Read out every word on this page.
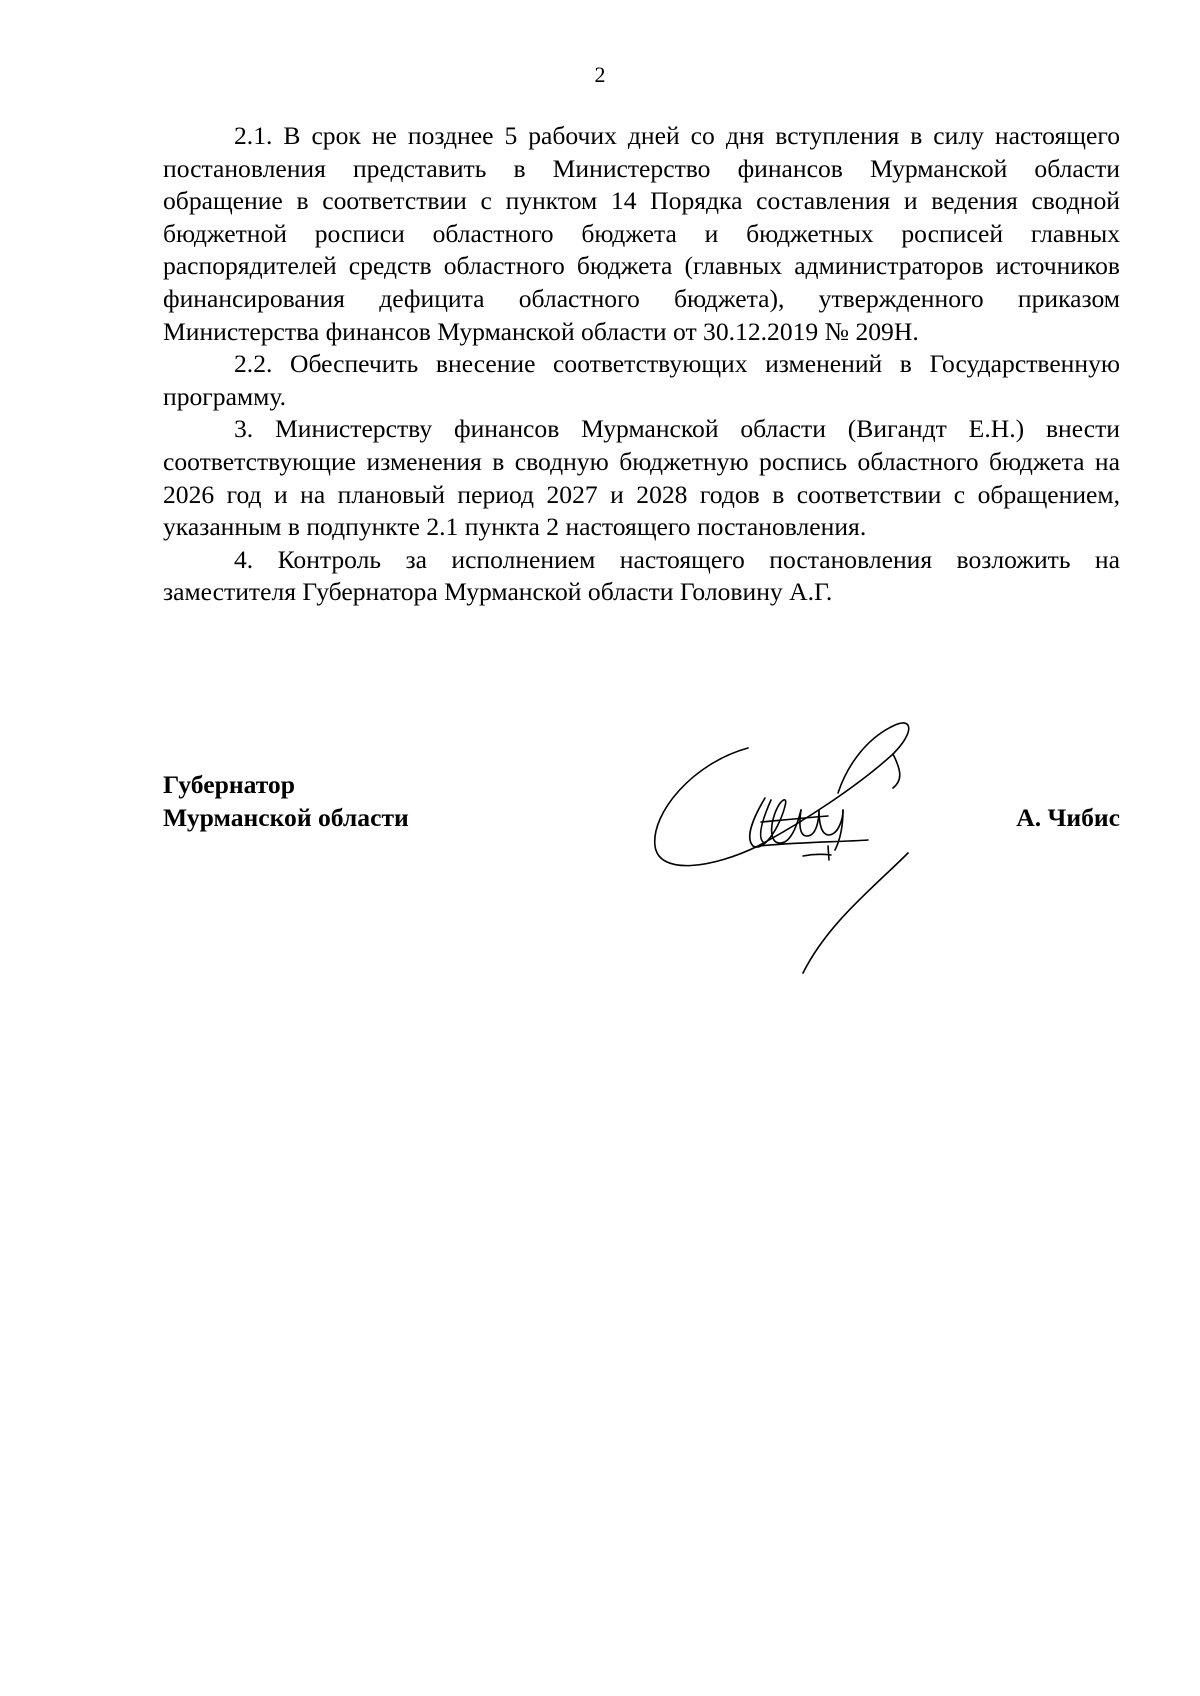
2

2.1. В срок не позднее 5 рабочих дней со дня вступления в силу настоящего постановления представить в Министерство финансов Мурманской области обращение в соответствии с пунктом 14 Порядка составления и ведения сводной бюджетной росписи областного бюджета и бюджетных росписей главных распорядителей средств областного бюджета (главных администраторов источников финансирования дефицита областного бюджета), утвержденного приказом Министерства финансов Мурманской области от 30.12.2019 № 209Н.

2.2. Обеспечить внесение соответствующих изменений в Государственную программу.

3. Министерству финансов Мурманской области (Вигандт Е.Н.) внести соответствующие изменения в сводную бюджетную роспись областного бюджета на 2026 год и на плановый период 2027 и 2028 годов в соответствии с обращением, указанным в подпункте 2.1 пункта 2 настоящего постановления.

4. Контроль за исполнением настоящего постановления возложить на заместителя Губернатора Мурманской области Головину А.Г.

Губернатор
Мурманской области	А. Чибис
